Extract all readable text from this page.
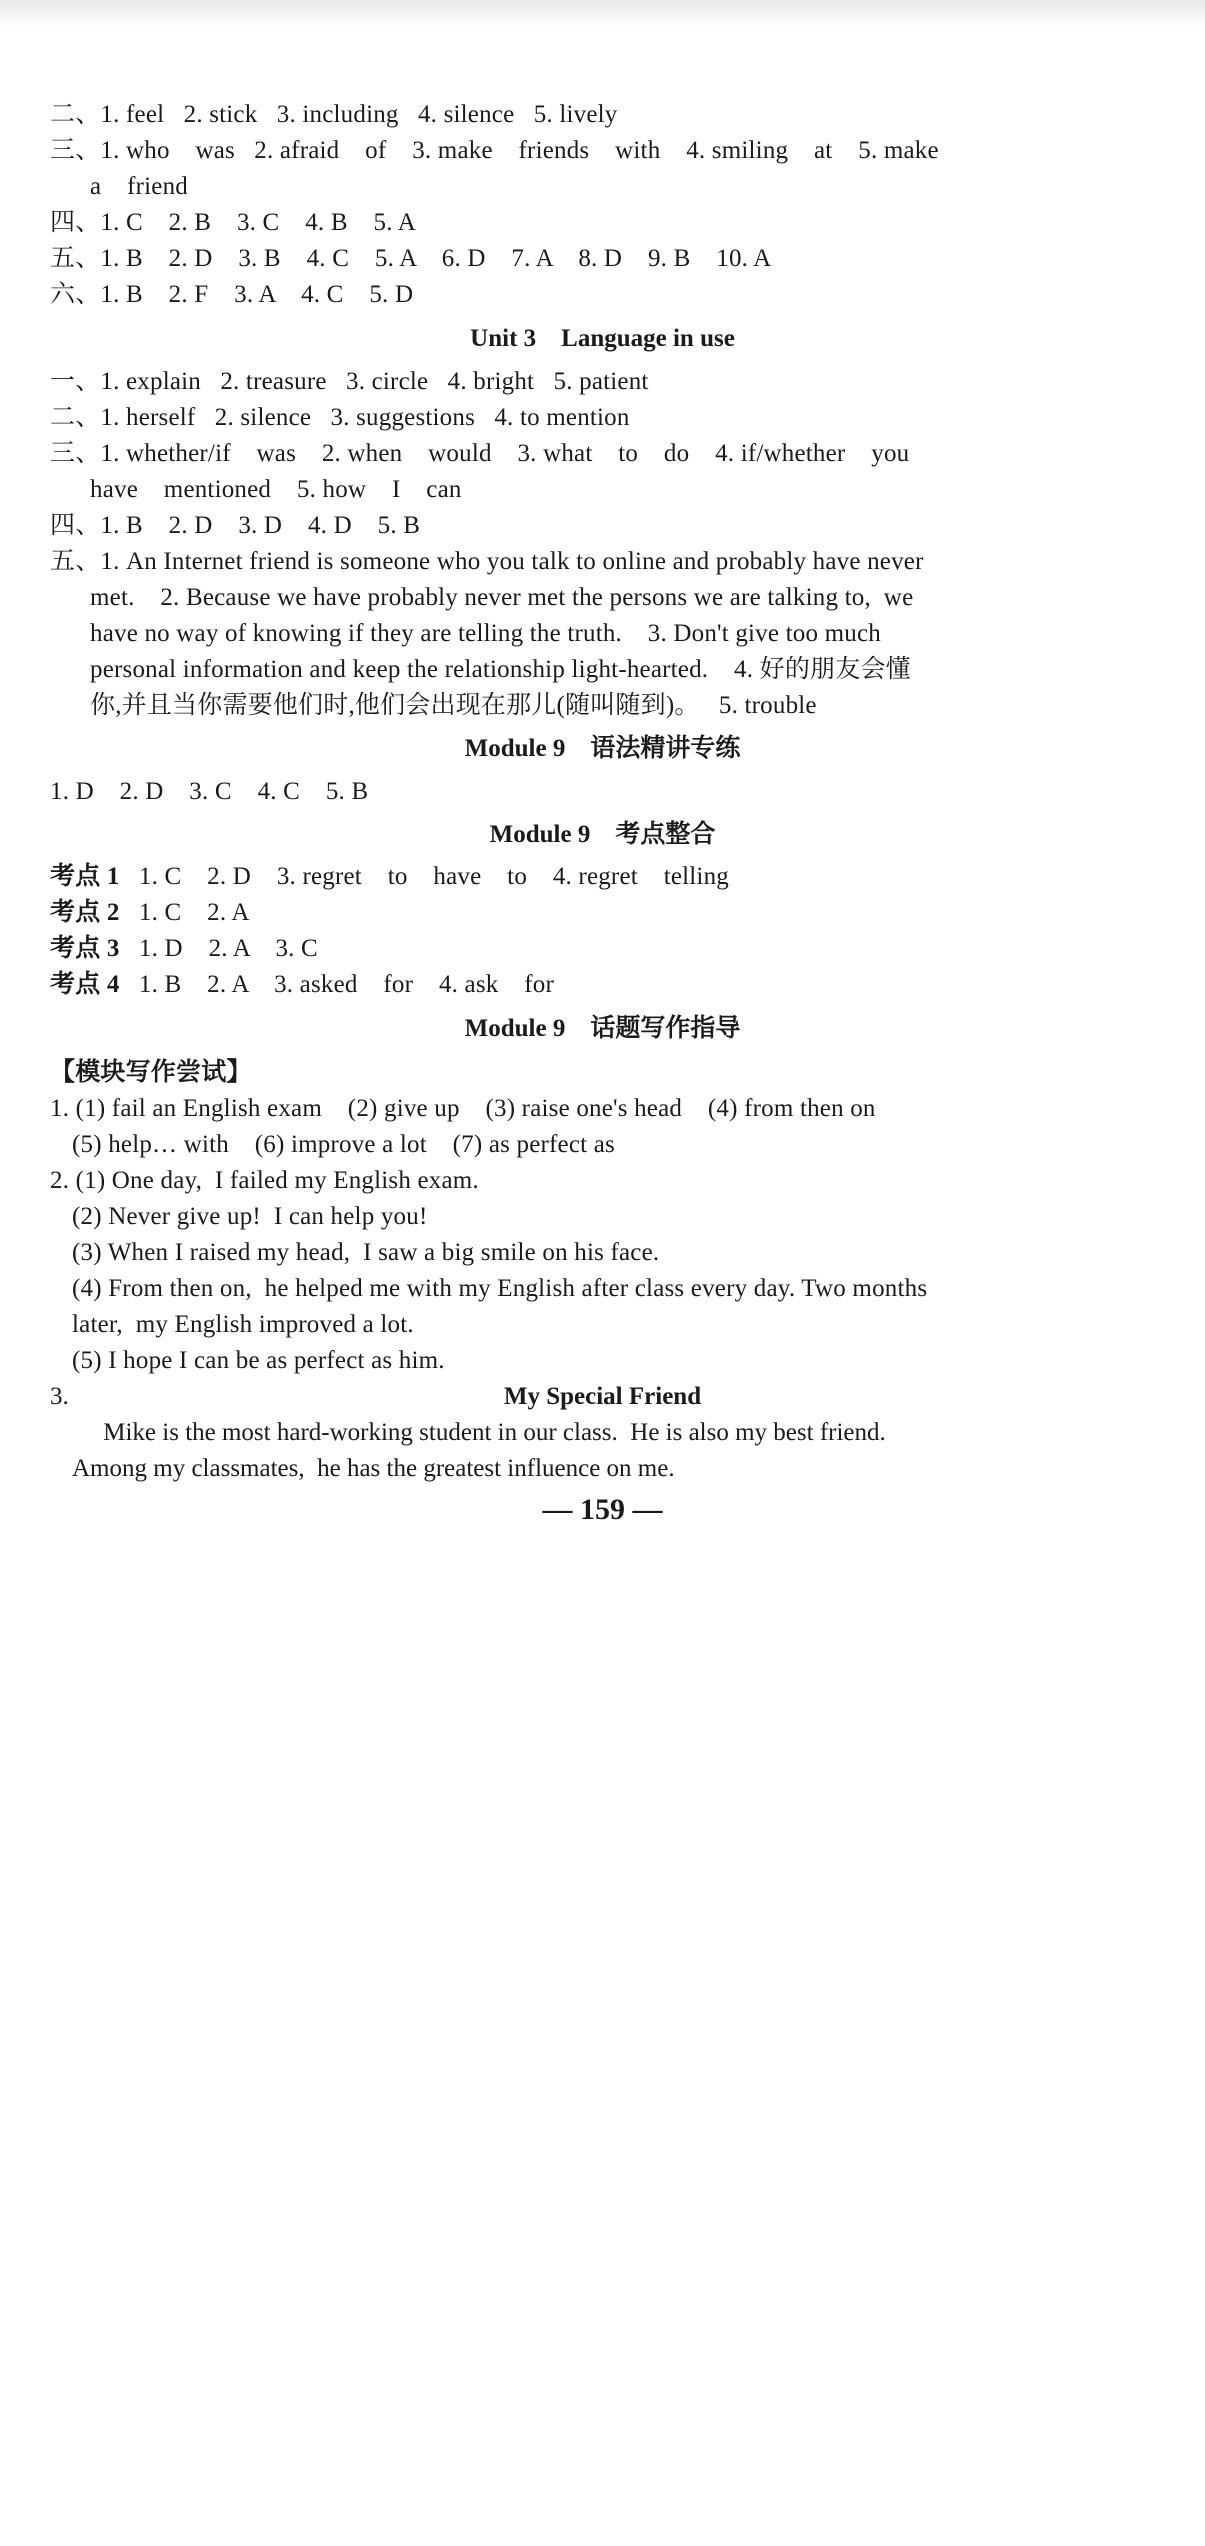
二、1. feel   2. stick   3. including   4. silence   5. lively
三、1. who    was   2. afraid    of    3. make    friends    with    4. smiling    at    5. make
a    friend
四、1. C    2. B    3. C    4. B    5. A
五、1. B    2. D    3. B    4. C    5. A    6. D    7. A    8. D    9. B    10. A
六、1. B    2. F    3. A    4. C    5. D
Unit 3    Language in use
一、1. explain   2. treasure   3. circle   4. bright   5. patient
二、1. herself   2. silence   3. suggestions   4. to mention
三、1. whether/if    was    2. when    would    3. what    to    do    4. if/whether    you
have    mentioned    5. how    I    can
四、1. B    2. D    3. D    4. D    5. B
五、1. An Internet friend is someone who you talk to online and probably have never
met.    2. Because we have probably never met the persons we are talking to,  we
have no way of knowing if they are telling the truth.    3. Don't give too much
personal information and keep the relationship light-hearted.    4. 好的朋友会懂
你,并且当你需要他们时,他们会出现在那儿(随叫随到)。   5. trouble
Module 9    语法精讲专练
1. D    2. D    3. C    4. C    5. B
Module 9    考点整合
考点 1   1. C    2. D    3. regret    to    have    to    4. regret    telling
考点 2   1. C    2. A
考点 3   1. D    2. A    3. C
考点 4   1. B    2. A    3. asked    for    4. ask    for
Module 9    话题写作指导
【模块写作尝试】
1. (1) fail an English exam    (2) give up    (3) raise one's head    (4) from then on
(5) help… with    (6) improve a lot    (7) as perfect as
2. (1) One day,  I failed my English exam.
(2) Never give up!  I can help you!
(3) When I raised my head,  I saw a big smile on his face.
(4) From then on,  he helped me with my English after class every day. Two months
later,  my English improved a lot.
(5) I hope I can be as perfect as him.
3.	My Special Friend
Mike is the most hard-working student in our class.  He is also my best friend.
Among my classmates,  he has the greatest influence on me.
— 159 —
